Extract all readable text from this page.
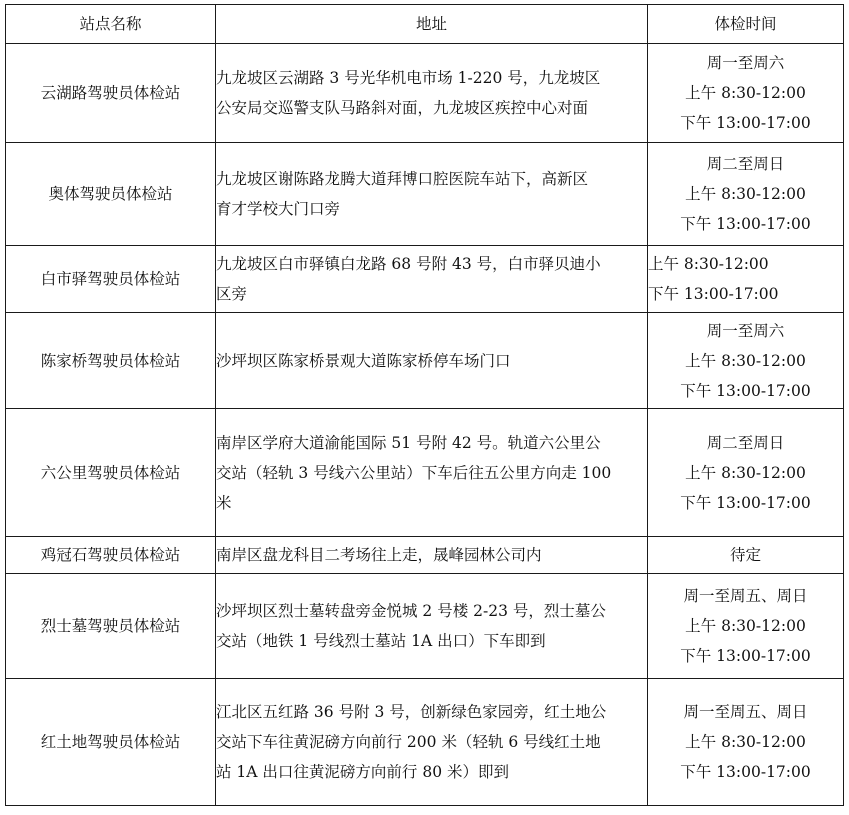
站点名称	地址	体检时间
云湖路驾驶员体检站	九龙坡区云湖路 3 号光华机电市场 1-220 号，九龙坡区
公安局交巡警支队马路斜对面，九龙坡区疾控中心对面	周一至周六
上午 8:30-12:00
下午 13:00-17:00

奥体驾驶员体检站	九龙坡区谢陈路龙腾大道拜博口腔医院车站下，高新区
育才学校大门口旁	周二至周日
上午 8:30-12:00
下午 13:00-17:00

白市驿驾驶员体检站	九龙坡区白市驿镇白龙路 68 号附 43 号，白市驿贝迪小
区旁	上午 8:30-12:00
下午 13:00-17:00

陈家桥驾驶员体检站	沙坪坝区陈家桥景观大道陈家桥停车场门口	周一至周六
上午 8:30-12:00
下午 13:00-17:00

六公里驾驶员体检站	南岸区学府大道渝能国际 51 号附 42 号。轨道六公里公
交站（轻轨 3 号线六公里站）下车后往五公里方向走 100
米	周二至周日
上午 8:30-12:00
下午 13:00-17:00

鸡冠石驾驶员体检站	南岸区盘龙科目二考场往上走，晟峰园林公司内	待定

烈士墓驾驶员体检站	沙坪坝区烈士墓转盘旁金悦城 2 号楼 2-23 号，烈士墓公
交站（地铁 1 号线烈士墓站 1A 出口）下车即到	周一至周五、周日
上午 8:30-12:00
下午 13:00-17:00

红土地驾驶员体检站	江北区五红路 36 号附 3 号，创新绿色家园旁，红土地公
交站下车往黄泥磅方向前行 200 米（轻轨 6 号线红土地
站 1A 出口往黄泥磅方向前行 80 米）即到	周一至周五、周日
上午 8:30-12:00
下午 13:00-17:00
